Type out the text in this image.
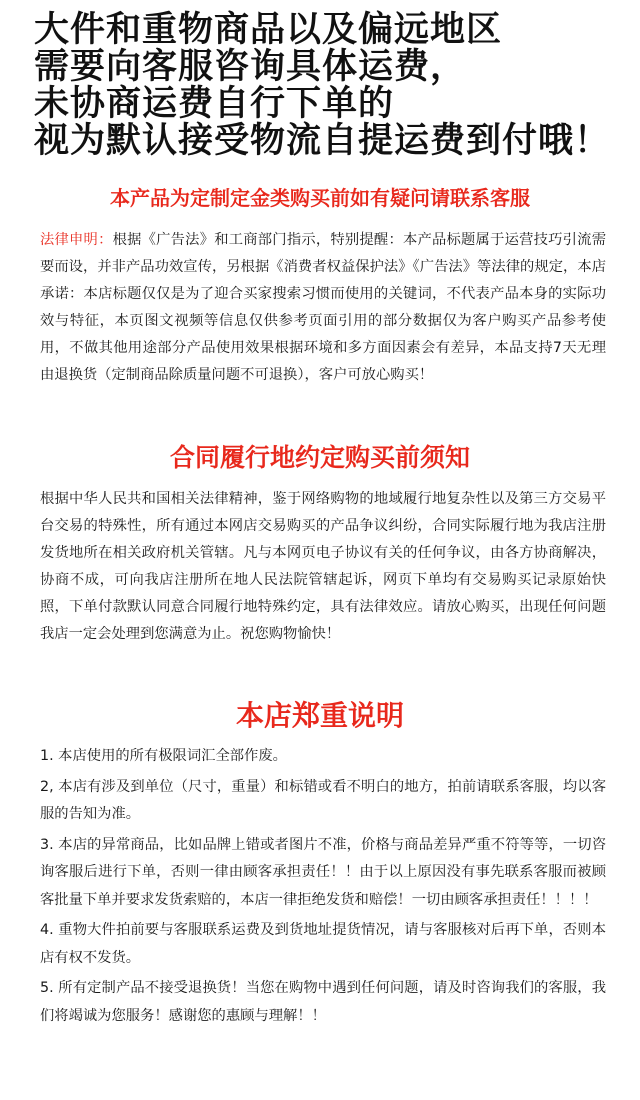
大件和重物商品以及偏远地区
需要向客服咨询具体运费，
未协商运费自行下单的
视为默认接受物流自提运费到付哦！
本产品为定制定金类购买前如有疑问请联系客服

法律申明：根据《广告法》和工商部门指示，特别提醒：本产品标题属于运营技巧引流需要而设，并非产品功效宣传，另根据《消费者权益保护法》《广告法》等法律的规定，本店承诺：本店标题仅仅是为了迎合买家搜索习惯而使用的关键词，不代表产品本身的实际功效与特征，本页图文视频等信息仅供参考页面引用的部分数据仅为客户购买产品参考使用，不做其他用途部分产品使用效果根据环境和多方面因素会有差异，本品支持7天无理由退换货（定制商品除质量问题不可退换），客户可放心购买！

合同履行地约定购买前须知

根据中华人民共和国相关法律精神，鉴于网络购物的地域履行地复杂性以及第三方交易平台交易的特殊性，所有通过本网店交易购买的产品争议纠纷，合同实际履行地为我店注册发货地所在相关政府机关管辖。凡与本网页电子协议有关的任何争议，由各方协商解决，协商不成，可向我店注册所在地人民法院管辖起诉，网页下单均有交易购买记录原始快照，下单付款默认同意合同履行地特殊约定，具有法律效应。请放心购买，出现任何问题我店一定会处理到您满意为止。祝您购物愉快！

本店郑重说明
1. 本店使用的所有极限词汇全部作废。
2, 本店有涉及到单位（尺寸，重量）和标错或看不明白的地方，拍前请联系客服，均以客服的告知为准。
3. 本店的异常商品，比如品牌上错或者图片不准，价格与商品差异严重不符等等，一切咨询客服后进行下单，否则一律由顾客承担责任！！由于以上原因没有事先联系客服而被顾客批量下单并要求发货索赔的，本店一律拒绝发货和赔偿！一切由顾客承担责任！！！！
4. 重物大件拍前要与客服联系运费及到货地址提货情况，请与客服核对后再下单，否则本店有权不发货。
5. 所有定制产品不接受退换货！当您在购物中遇到任何问题，请及时咨询我们的客服，我们将竭诚为您服务！感谢您的惠顾与理解！！
